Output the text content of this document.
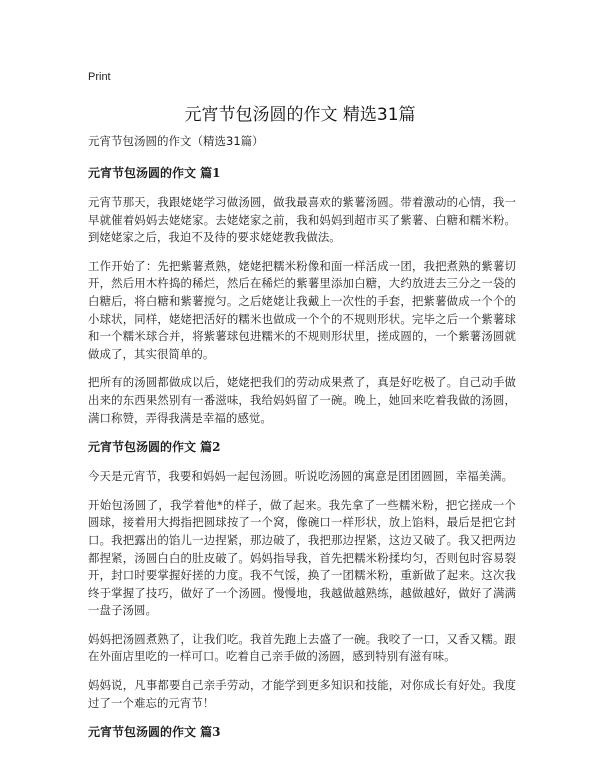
Print
元宵节包汤圆的作文 精选31篇

元宵节包汤圆的作文（精选31篇）

元宵节包汤圆的作文 篇1

元宵节那天，我跟姥姥学习做汤圆，做我最喜欢的紫薯汤圆。带着激动的心情，我一早就催着妈妈去姥姥家。去姥姥家之前，我和妈妈到超市买了紫薯、白糖和糯米粉。到姥姥家之后，我迫不及待的要求姥姥教我做法。

工作开始了：先把紫薯煮熟，姥姥把糯米粉像和面一样活成一团，我把煮熟的紫薯切开，然后用木杵捣的稀烂，然后在稀烂的紫薯里添加白糖，大约放进去三分之一袋的白糖后，将白糖和紫薯搅匀。之后姥姥让我戴上一次性的手套，把紫薯做成一个个的小球状，同样，姥姥把活好的糯米也做成一个个的不规则形状。完毕之后一个紫薯球和一个糯米球合并，将紫薯球包进糯米的不规则形状里，搓成圆的，一个紫薯汤圆就做成了，其实很简单的。

把所有的汤圆都做成以后，姥姥把我们的劳动成果煮了，真是好吃极了。自己动手做出来的东西果然别有一番滋味，我给妈妈留了一碗。晚上，她回来吃着我做的汤圆，满口称赞，弄得我满是幸福的感觉。

元宵节包汤圆的作文 篇2

今天是元宵节，我要和妈妈一起包汤圆。听说吃汤圆的寓意是团团圆圆，幸福美满。

开始包汤圆了，我学着他*的样子，做了起来。我先拿了一些糯米粉，把它搓成一个圆球，接着用大拇指把圆球按了一个窝，像碗口一样形状，放上馅料，最后是把它封口。我把露出的馅儿一边捏紧，那边破了，我把那边捏紧，这边又破了。我又把两边都捏紧，汤圆白白的肚皮破了。妈妈指导我，首先把糯米粉揉均匀，否则包时容易裂开，封口时要掌握好搓的力度。我不气馁，换了一团糯米粉，重新做了起来。这次我终于掌握了技巧，做好了一个汤圆。慢慢地，我越做越熟练，越做越好，做好了满满一盘子汤圆。

妈妈把汤圆煮熟了，让我们吃。我首先跑上去盛了一碗。我咬了一口，又香又糯。跟在外面店里吃的一样可口。吃着自己亲手做的汤圆，感到特别有滋有味。

妈妈说，凡事都要自己亲手劳动，才能学到更多知识和技能，对你成长有好处。我度过了一个难忘的元宵节！

元宵节包汤圆的作文 篇3
